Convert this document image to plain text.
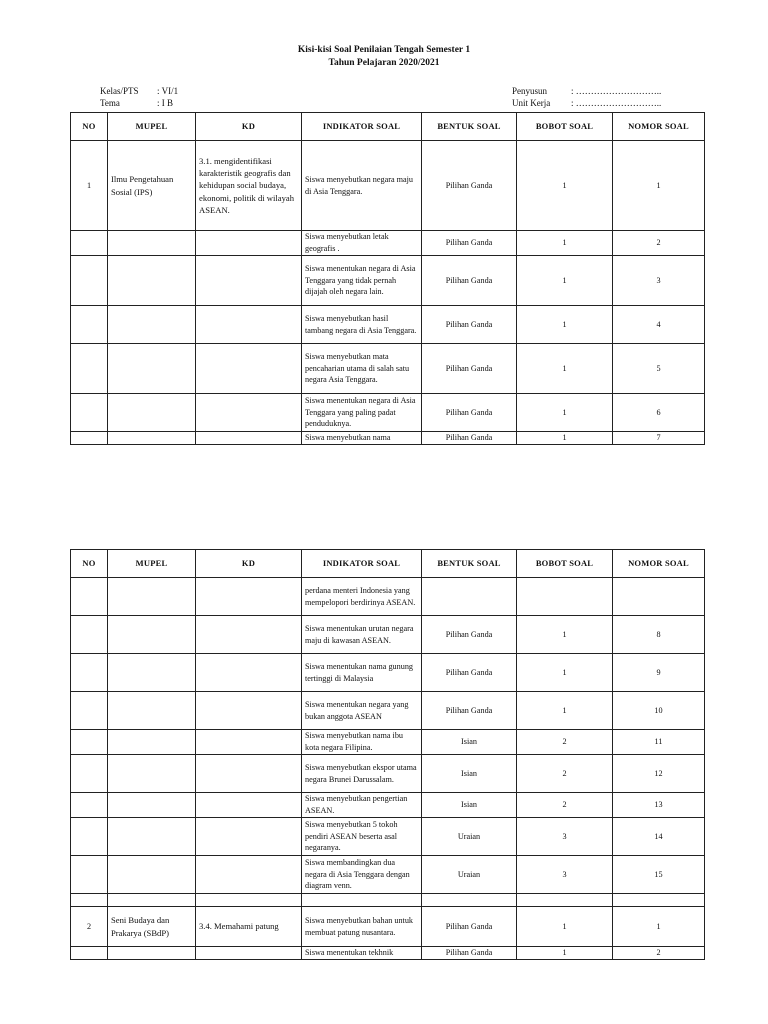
Kisi-kisi Soal Penilaian Tengah Semester 1
Tahun Pelajaran 2020/2021
Kelas/PTS : VI/1
Tema	: I B
Penyusun	: ………………………..
Unit Kerja : ………………………..
NO	MUPEL	KD	INDIKATOR SOAL	BENTUK SOAL	BOBOT SOAL	NOMOR SOAL
1	Ilmu Pengetahuan Sosial (IPS)	3.1. mengidentifikasi karakteristik geografis dan kehidupan social budaya, ekonomi, politik di wilayah ASEAN.	Siswa menyebutkan negara maju di Asia Tenggara.	Pilihan Ganda	1	1
			Siswa menyebutkan letak geografis .	Pilihan Ganda	1	2
			Siswa menentukan negara di Asia Tenggara yang tidak pernah dijajah oleh negara lain.	Pilihan Ganda	1	3
			Siswa menyebutkan hasil tambang negara di Asia Tenggara.	Pilihan Ganda	1	4
			Siswa menyebutkan mata pencaharian utama di salah satu negara Asia Tenggara.	Pilihan Ganda	1	5
			Siswa menentukan negara di Asia Tenggara yang paling padat penduduknya.	Pilihan Ganda	1	6
			Siswa menyebutkan nama	Pilihan Ganda	1	7
NO	MUPEL	KD	INDIKATOR SOAL	BENTUK SOAL	BOBOT SOAL	NOMOR SOAL
			perdana menteri Indonesia yang mempelopori berdirinya ASEAN.			
			Siswa menentukan urutan negara maju di kawasan ASEAN.	Pilihan Ganda	1	8
			Siswa menentukan nama gunung tertinggi di Malaysia	Pilihan Ganda	1	9
			Siswa menentukan negara yang bukan anggota ASEAN	Pilihan Ganda	1	10
			Siswa menyebutkan nama ibu kota negara Filipina.	Isian	2	11
			Siswa menyebutkan ekspor utama negara Brunei Darussalam.	Isian	2	12
			Siswa menyebutkan pengertian ASEAN.	Isian	2	13
			Siswa menyebutkan 5 tokoh pendiri ASEAN beserta asal negaranya.	Uraian	3	14
			Siswa membandingkan dua negara di Asia Tenggara dengan diagram venn.	Uraian	3	15

2	Seni Budaya dan Prakarya (SBdP)	3.4. Memahami patung	Siswa menyebutkan bahan untuk membuat patung nusantara.	Pilihan Ganda	1	1
			Siswa menentukan tekhnik	Pilihan Ganda	1	2
